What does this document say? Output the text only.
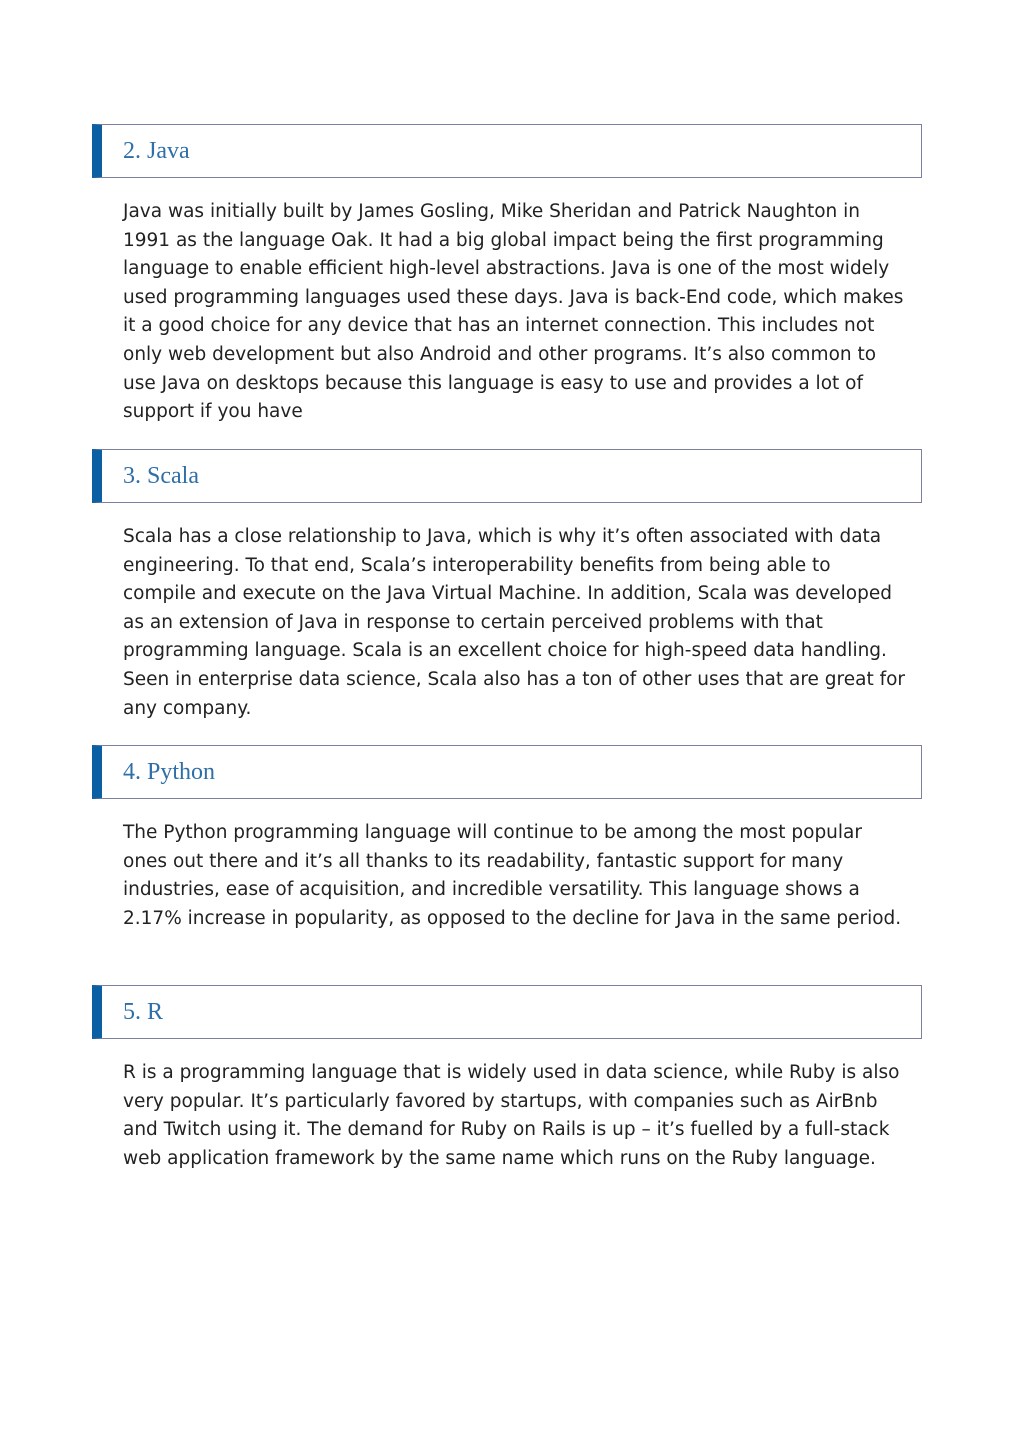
2. Java

Java was initially built by James Gosling, Mike Sheridan and Patrick Naughton in 1991 as the language Oak. It had a big global impact being the first programming language to enable efficient high-level abstractions. Java is one of the most widely used programming languages used these days. Java is back-End code, which makes it a good choice for any device that has an internet connection. This includes not only web development but also Android and other programs. It’s also common to use Java on desktops because this language is easy to use and provides a lot of support if you have

3. Scala

Scala has a close relationship to Java, which is why it’s often associated with data engineering. To that end, Scala’s interoperability benefits from being able to compile and execute on the Java Virtual Machine. In addition, Scala was developed as an extension of Java in response to certain perceived problems with that programming language. Scala is an excellent choice for high-speed data handling. Seen in enterprise data science, Scala also has a ton of other uses that are great for any company.

4. Python

The Python programming language will continue to be among the most popular ones out there and it’s all thanks to its readability, fantastic support for many industries, ease of acquisition, and incredible versatility. This language shows a 2.17% increase in popularity, as opposed to the decline for Java in the same period.

5. R

R is a programming language that is widely used in data science, while Ruby is also very popular. It’s particularly favored by startups, with companies such as AirBnb and Twitch using it. The demand for Ruby on Rails is up – it’s fuelled by a full-stack web application framework by the same name which runs on the Ruby language.
